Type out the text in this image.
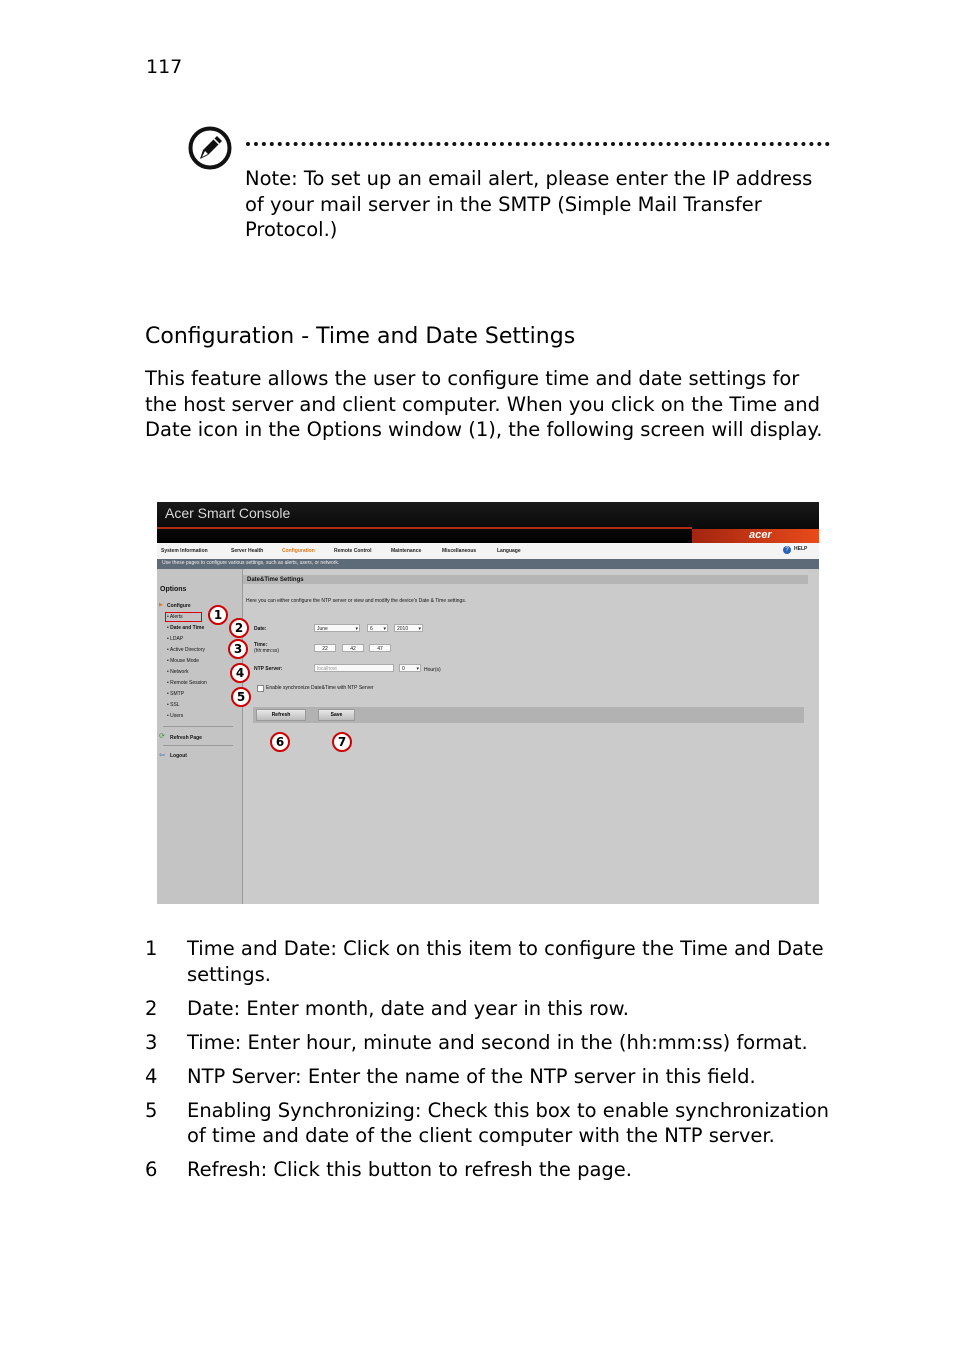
117
Note: To set up an email alert, please enter the IP address of your mail server in the SMTP (Simple Mail Transfer Protocol.)
Configuration - Time and Date Settings
This feature allows the user to configure time and date settings for the host server and client computer. When you click on the Time and Date icon in the Options window (1), the following screen will display.
Acer Smart Console
acer
System Information	Server Health	Configuration	Remote Control	Maintenance	Miscellaneous	Language	?	HELP
Use these pages to configure various settings, such as alerts, users, or network.
Options
▶ Configure
• Alerts
• Date and Time
• LDAP
• Active Directory
• Mouse Mode
• Network
• Remote Session
• SMTP
• SSL
• Users
⟳ Refresh Page
⇦ Logout
Date&Time Settings
Here you can either configure the NTP server or view and modify the device's Date & Time settings.
Date:	June ▾	6 ▾	2010 ▾
Time:
(hh:mm:ss)	22	42	47
NTP Server:	localhost	0 ▾	Hour(s)
Enable synchronize Date&Time with NTP Server
Refresh	Save
1
2
3
4
5
6	7
1 Time and Date: Click on this item to configure the Time and Date settings.
2 Date: Enter month, date and year in this row.
3 Time: Enter hour, minute and second in the (hh:mm:ss) format.
4 NTP Server: Enter the name of the NTP server in this field.
5 Enabling Synchronizing: Check this box to enable synchronization of time and date of the client computer with the NTP server.
6 Refresh: Click this button to refresh the page.
